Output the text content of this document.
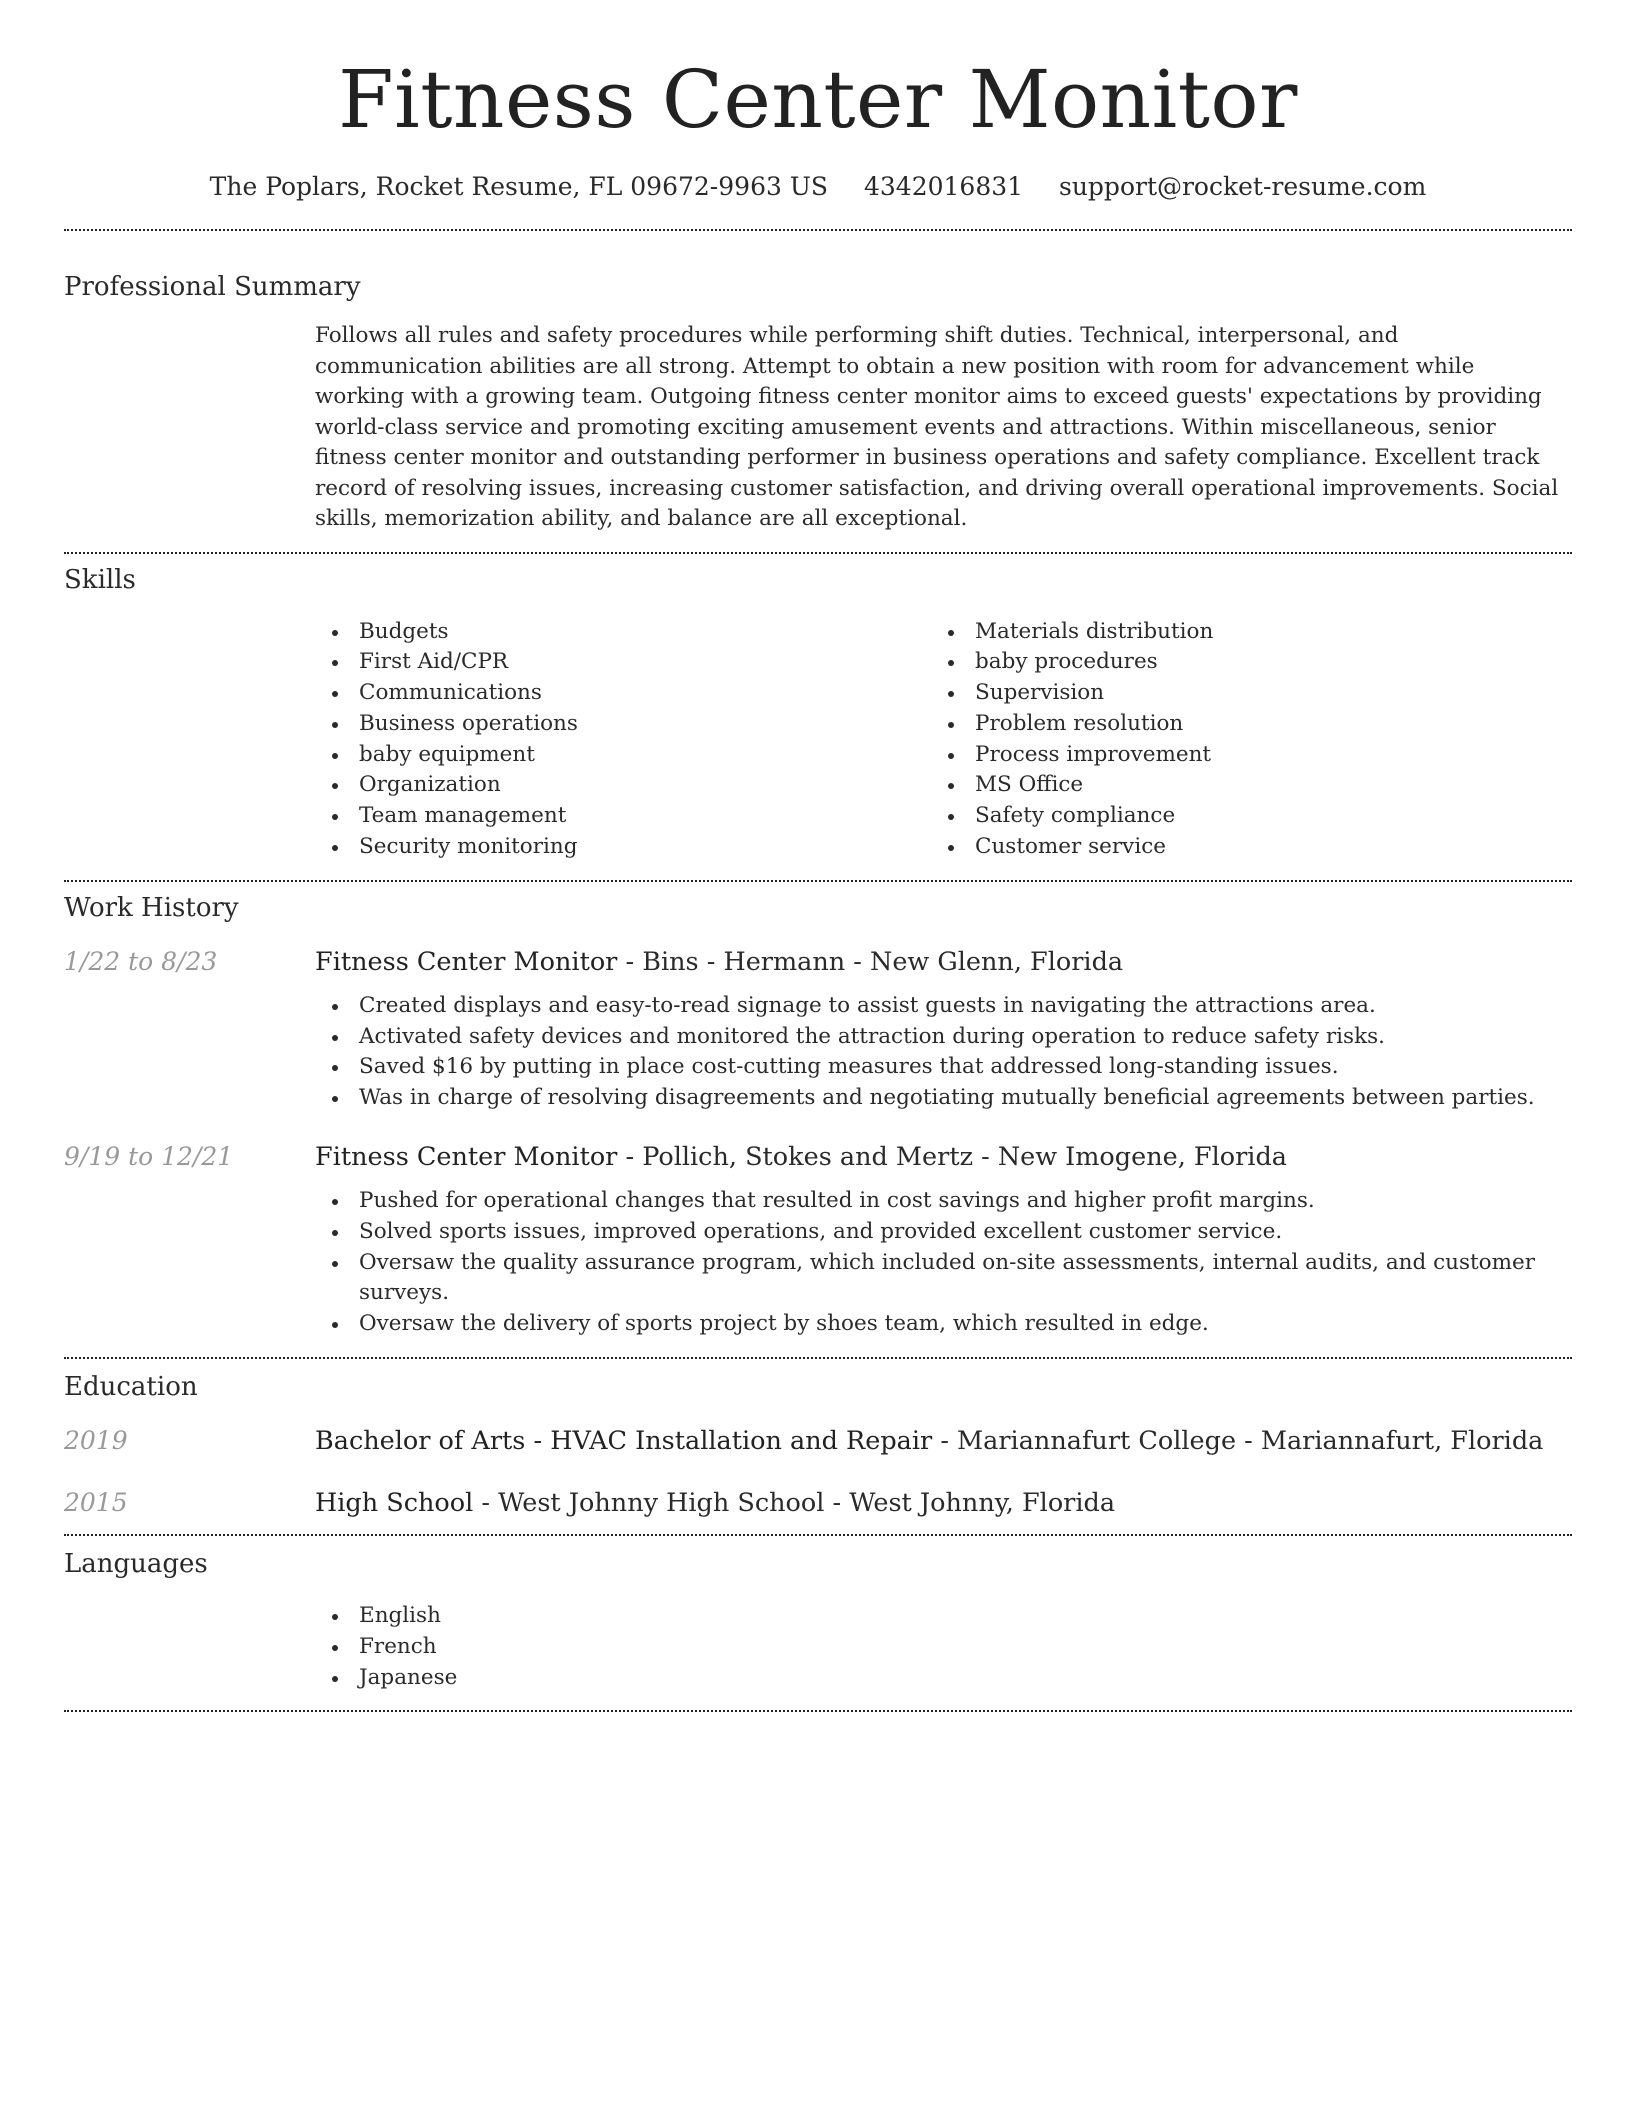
Fitness Center Monitor
The Poplars, Rocket Resume, FL 09672-9963 US 4342016831 support@rocket-resume.com
Professional Summary
Follows all rules and safety procedures while performing shift duties. Technical, interpersonal, and communication abilities are all strong. Attempt to obtain a new position with room for advancement while working with a growing team. Outgoing fitness center monitor aims to exceed guests' expectations by providing world-class service and promoting exciting amusement events and attractions. Within miscellaneous, senior fitness center monitor and outstanding performer in business operations and safety compliance. Excellent track record of resolving issues, increasing customer satisfaction, and driving overall operational improvements. Social skills, memorization ability, and balance are all exceptional.
Skills
Budgets
First Aid/CPR
Communications
Business operations
baby equipment
Organization
Team management
Security monitoring
Materials distribution
baby procedures
Supervision
Problem resolution
Process improvement
MS Office
Safety compliance
Customer service
Work History
1/22 to 8/23	Fitness Center Monitor - Bins - Hermann - New Glenn, Florida
Created displays and easy-to-read signage to assist guests in navigating the attractions area.
Activated safety devices and monitored the attraction during operation to reduce safety risks.
Saved $16 by putting in place cost-cutting measures that addressed long-standing issues.
Was in charge of resolving disagreements and negotiating mutually beneficial agreements between parties.
9/19 to 12/21	Fitness Center Monitor - Pollich, Stokes and Mertz - New Imogene, Florida
Pushed for operational changes that resulted in cost savings and higher profit margins.
Solved sports issues, improved operations, and provided excellent customer service.
Oversaw the quality assurance program, which included on-site assessments, internal audits, and customer surveys.
Oversaw the delivery of sports project by shoes team, which resulted in edge.
Education
2019	Bachelor of Arts - HVAC Installation and Repair - Mariannafurt College - Mariannafurt, Florida
2015	High School - West Johnny High School - West Johnny, Florida
Languages
English
French
Japanese
